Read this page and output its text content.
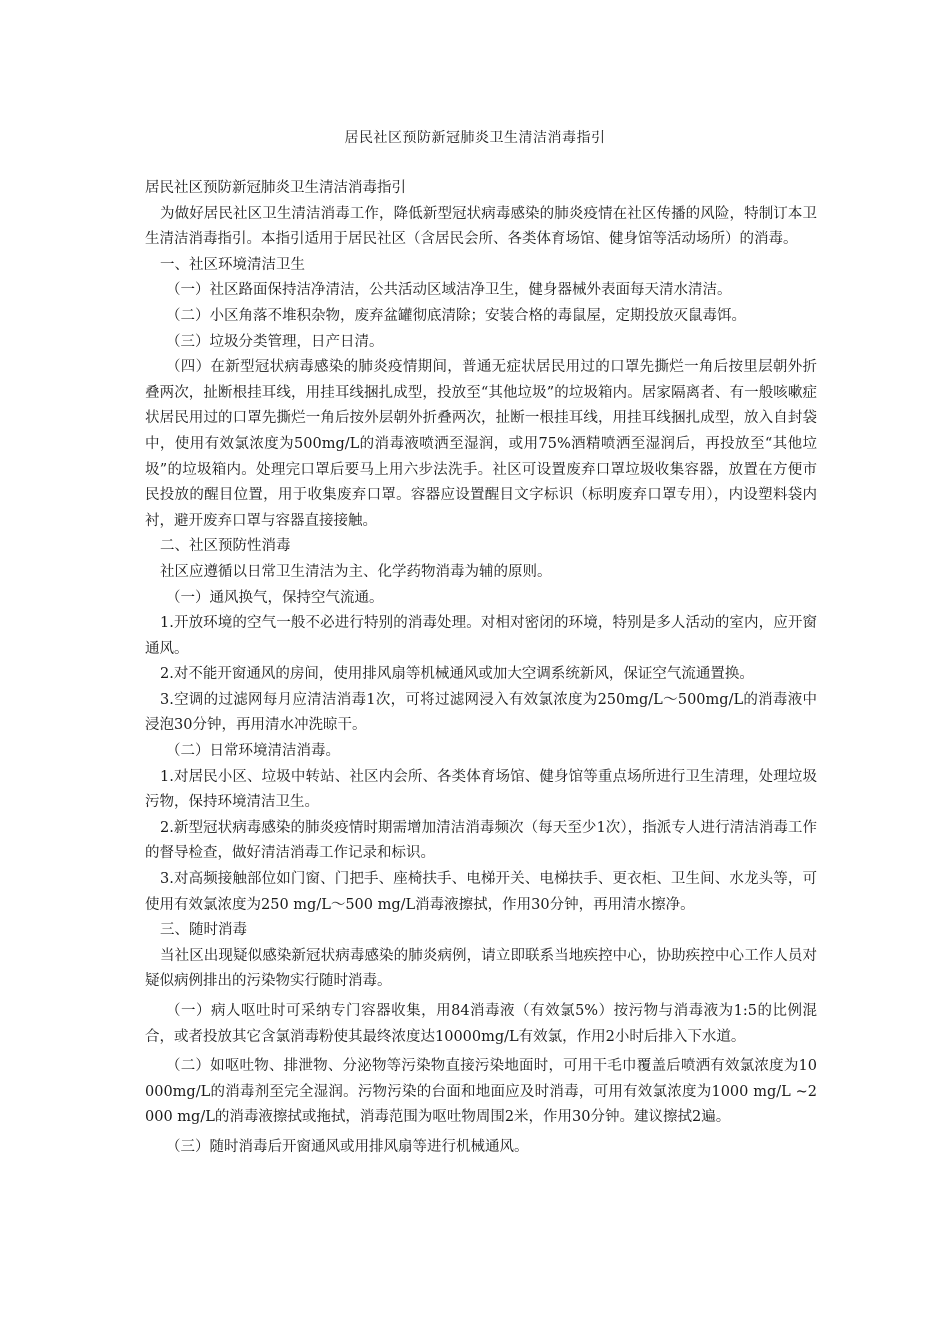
居民社区预防新冠肺炎卫生清洁消毒指引

居民社区预防新冠肺炎卫生清洁消毒指引

为做好居民社区卫生清洁消毒工作，降低新型冠状病毒感染的肺炎疫情在社区传播的风险，特制订本卫生清洁消毒指引。本指引适用于居民社区（含居民会所、各类体育场馆、健身馆等活动场所）的消毒。

一、社区环境清洁卫生

（一）社区路面保持洁净清洁，公共活动区域洁净卫生，健身器械外表面每天清水清洁。

（二）小区角落不堆积杂物，废弃盆罐彻底清除；安装合格的毒鼠屋，定期投放灭鼠毒饵。

（三）垃圾分类管理，日产日清。

（四）在新型冠状病毒感染的肺炎疫情期间，普通无症状居民用过的口罩先撕烂一角后按里层朝外折叠两次，扯断根挂耳线，用挂耳线捆扎成型，投放至“其他垃圾”的垃圾箱内。居家隔离者、有一般咳嗽症状居民用过的口罩先撕烂一角后按外层朝外折叠两次，扯断一根挂耳线，用挂耳线捆扎成型，放入自封袋中，使用有效氯浓度为500mg/L的消毒液喷洒至湿润，或用75%酒精喷洒至湿润后，再投放至“其他垃圾”的垃圾箱内。处理完口罩后要马上用六步法洗手。社区可设置废弃口罩垃圾收集容器，放置在方便市民投放的醒目位置，用于收集废弃口罩。容器应设置醒目文字标识（标明废弃口罩专用），内设塑料袋内衬，避开废弃口罩与容器直接接触。

二、社区预防性消毒

社区应遵循以日常卫生清洁为主、化学药物消毒为辅的原则。

（一）通风换气，保持空气流通。

1.开放环境的空气一般不必进行特别的消毒处理。对相对密闭的环境，特别是多人活动的室内，应开窗通风。

2.对不能开窗通风的房间，使用排风扇等机械通风或加大空调系统新风，保证空气流通置换。

3.空调的过滤网每月应清洁消毒1次，可将过滤网浸入有效氯浓度为250mg/L～500mg/L的消毒液中浸泡30分钟，再用清水冲洗晾干。

（二）日常环境清洁消毒。

1.对居民小区、垃圾中转站、社区内会所、各类体育场馆、健身馆等重点场所进行卫生清理，处理垃圾污物，保持环境清洁卫生。

2.新型冠状病毒感染的肺炎疫情时期需增加清洁消毒频次（每天至少1次），指派专人进行清洁消毒工作的督导检查，做好清洁消毒工作记录和标识。

3.对高频接触部位如门窗、门把手、座椅扶手、电梯开关、电梯扶手、更衣柜、卫生间、水龙头等，可使用有效氯浓度为250 mg/L～500 mg/L消毒液擦拭，作用30分钟，再用清水擦净。

三、随时消毒

当社区出现疑似感染新冠状病毒感染的肺炎病例，请立即联系当地疾控中心，协助疾控中心工作人员对疑似病例排出的污染物实行随时消毒。

（一）病人呕吐时可采纳专门容器收集，用84消毒液（有效氯5%）按污物与消毒液为1:5的比例混合，或者投放其它含氯消毒粉使其最终浓度达10000mg/L有效氯，作用2小时后排入下水道。

（二）如呕吐物、排泄物、分泌物等污染物直接污染地面时，可用干毛巾覆盖后喷洒有效氯浓度为10000mg/L的消毒剂至完全湿润。污物污染的台面和地面应及时消毒，可用有效氯浓度为1000 mg/L ~2000 mg/L的消毒液擦拭或拖拭，消毒范围为呕吐物周围2米，作用30分钟。建议擦拭2遍。

（三）随时消毒后开窗通风或用排风扇等进行机械通风。
